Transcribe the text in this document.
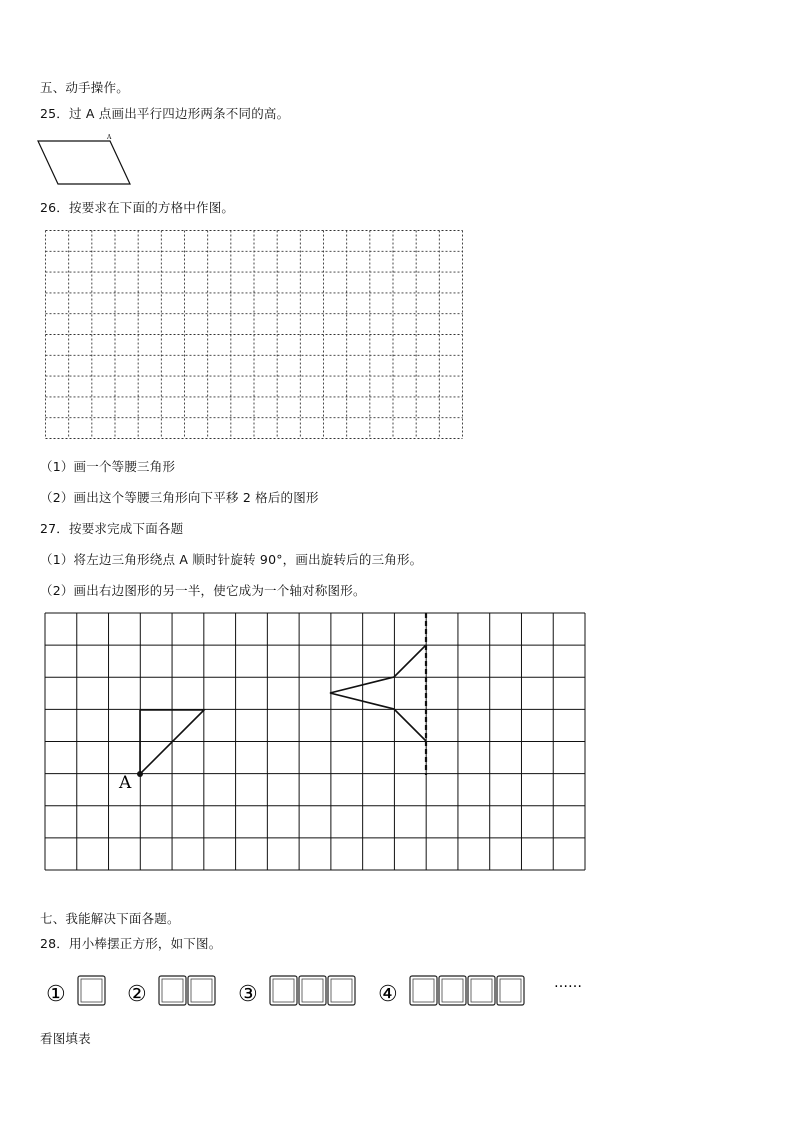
五、动手操作。
25．过 A 点画出平行四边形两条不同的高。
A
26．按要求在下面的方格中作图。
（1）画一个等腰三角形
（2）画出这个等腰三角形向下平移 2 格后的图形
27．按要求完成下面各题
（1）将左边三角形绕点 A 顺时针旋转 90°，画出旋转后的三角形。
（2）画出右边图形的另一半，使它成为一个轴对称图形。
A
七、我能解决下面各题。
28．用小棒摆正方形，如下图。
①	②	③	④	……
看图填表
